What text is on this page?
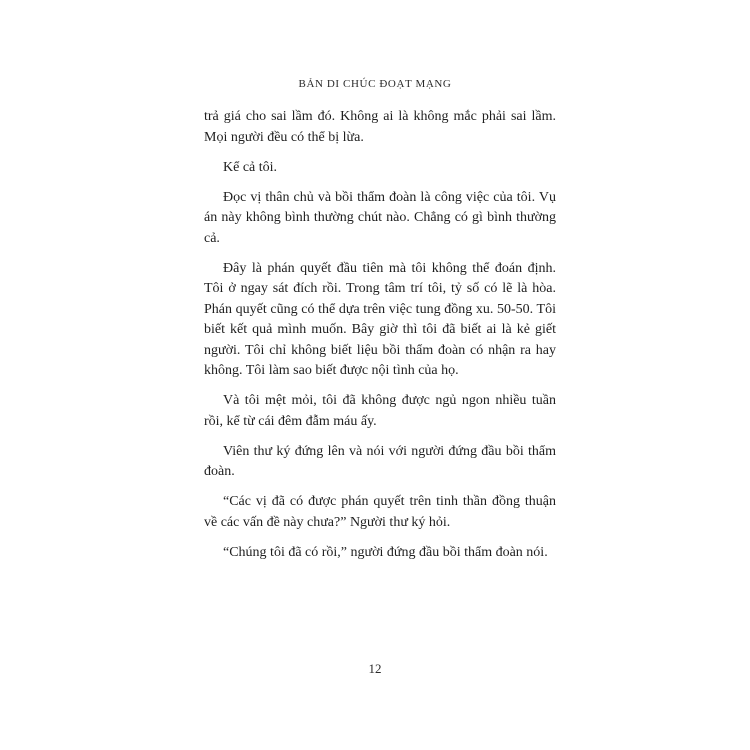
BẢN DI CHÚC ĐOẠT MẠNG

trả giá cho sai lầm đó. Không ai là không mắc phải sai lầm. Mọi người đều có thể bị lừa.

Kể cả tôi.

Đọc vị thân chủ và bồi thẩm đoàn là công việc của tôi. Vụ án này không bình thường chút nào. Chẳng có gì bình thường cả.

Đây là phán quyết đầu tiên mà tôi không thể đoán định. Tôi ở ngay sát đích rồi. Trong tâm trí tôi, tỷ số có lẽ là hòa. Phán quyết cũng có thể dựa trên việc tung đồng xu. 50-50. Tôi biết kết quả mình muốn. Bây giờ thì tôi đã biết ai là kẻ giết người. Tôi chỉ không biết liệu bồi thẩm đoàn có nhận ra hay không. Tôi làm sao biết được nội tình của họ.

Và tôi mệt mỏi, tôi đã không được ngủ ngon nhiều tuần rồi, kể từ cái đêm đẫm máu ấy.

Viên thư ký đứng lên và nói với người đứng đầu bồi thẩm đoàn.

“Các vị đã có được phán quyết trên tinh thần đồng thuận về các vấn đề này chưa?” Người thư ký hỏi.

“Chúng tôi đã có rồi,” người đứng đầu bồi thẩm đoàn nói.

12
